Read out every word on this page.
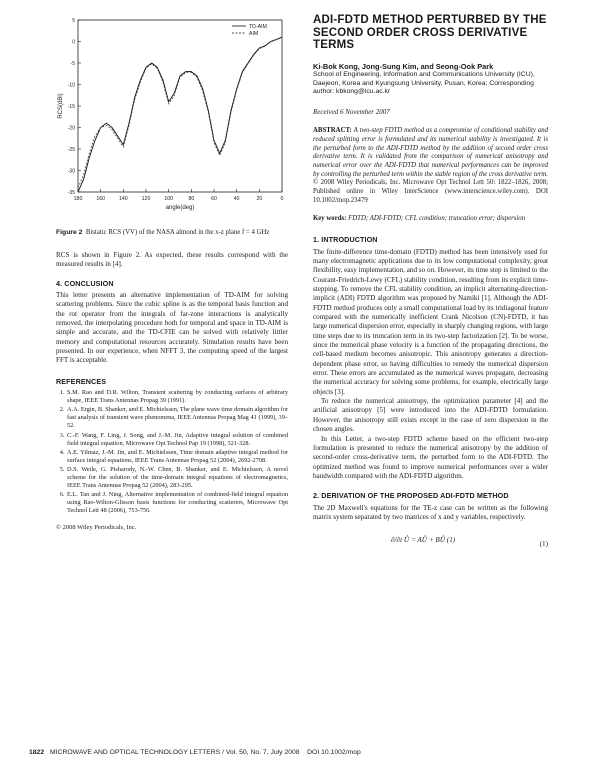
5
0
-5
-10
-15
-20
-25
-30
-35
180	160	140	120	100	80	60	40	20	0
angle(deg)
RCS(dBi)
TD-AIM
AIM

Figure 2 Bistatic RCS (VV) of the NASA almond in the x-z plane f = 4 GHz

RCS is shown in Figure 2. As expected, these results correspond with the measured results in [4].

4. CONCLUSION

This letter presents an alternative implementation of TD-AIM for solving scattering problems. Since the cubic spline is as the temporal basis function and the rot operator from the integrals of far-zone interactions is analytically removed, the interpolating procedure both for temporal and space in TD-AIM is simple and accurate, and the TD-CFIE can be solved with relatively littler memory and computational resources accurately. Simulation results have been presented. In our experience, when NFFT 3, the computing speed of the largest FFT is acceptable.

REFERENCES
1. S.M. Rao and D.R. Wilton, Transient scattering by conducting surfaces of arbitrary shape, IEEE Trans Antennas Propag 39 (1991).
2. A.A. Ergin, B. Shanker, and E. Michielssen, The plane wave time domain algorithm for fast analysis of transient wave phenomena, IEEE Antennas Propag Mag 41 (1999), 39–52.
3. C.-F. Wang, F. Ling, J. Song, and J.-M. Jin, Adaptive integral solution of combined field integral equation, Microwave Opt Technol Pap 19 (1998), 321-328.
4. A.E. Yilmaz, J.-M. Jin, and E. Michielssen, Time domain adaptive integral method for surface integral equations, IEEE Trans Antennas Propag 52 (2004), 2692-2708.
5. D.S. Weile, G. Pisharody, N.-W. Chen, B. Shanker, and E. Michielssen, A novel scheme for the solution of the time-domain integral equations of electromagnetics, IEEE Trans Antennas Propag 52 (2004), 283-295.
6. E.L. Tan and J. Ning, Alternative implementation of combined-field integral equation using Rao-Wilton-Glisson basis functions for conducting scatterers, Microwave Opt Technol Lett 48 (2006), 753-756.

© 2008 Wiley Periodicals, Inc.

ADI-FDTD METHOD PERTURBED BY THE SECOND ORDER CROSS DERIVATIVE TERMS
Ki-Bok Kong, Jong-Sung Kim, and Seong-Ook Park
School of Engineering, Information and Communications University (ICU), Daejeon, Korea and Kyungsung University, Pusan, Korea; Corresponding author: kbkong@icu.ac.kr
Received 6 November 2007
ABSTRACT: A two-step FDTD method as a compromise of conditional stability and reduced splitting error is formulated and its numerical stability is investigated. It is the perturbed form to the ADI-FDTD method by the addition of second order cross derivative term. It is validated from the comparison of numerical anisotropy and numerical error over the ADI-FDTD that numerical performances can be improved by controlling the perturbed term within the stable region of the cross derivative term. © 2008 Wiley Periodicals, Inc. Microwave Opt Technol Lett 50: 1822–1826, 2008; Published online in Wiley InterScience (www.interscience.wiley.com). DOI 10.1002/mop.23479
Key words: FDTD; ADI-FDTD; CFL condition; truncation error; dispersion
1. INTRODUCTION

The finite-difference time-domain (FDTD) method has been intensively used for many electromagnetic applications due to its low computational complexity, great flexibility, easy implementation, and so on. However, its time step is limited to the Courant-Friedrich-Lewy (CFL) stability condition, resulting from its explicit time-stepping. To remove the CFL stability condition, an implicit alternating-direction-implicit (ADI) FDTD algorithm was proposed by Namiki [1]. Although the ADI-FDTD method produces only a small computational load by its tridiagonal feature compared with the numerically inefficient Crank Nicolson (CN)-FDTD, it has large numerical dispersion error, especially in sharply changing regions, with large time steps due to its truncation term in its two-step factorization [2]. To be worse, since the numerical phase velocity is a function of the propagating directions, the cell-based medium becomes anisotropic. This anisotropy generates a direction-dependent phase error, so having difficulties to remedy the numerical dispersion error. These errors are accumulated as the numerical waves propagate, decreasing the numerical accuracy for solving some problems, for example, electrically large objects [3].

To reduce the numerical anisotropy, the optimization parameter [4] and the artificial anisotropy [5] were introduced into the ADI-FDTD formulation. However, the anisotropy still exists except in the case of zero dispersion in the chosen angles.

In this Letter, a two-step FDTD scheme based on the efficient two-step formulation is presented to reduce the numerical anisotropy by the addition of second-order cross-derivative term, the perturbed form to the ADI-FDTD. The optimized method was found to improve numerical performances over a wider bandwidth compared with the ADI-FDTD algorithm.

2. DERIVATION OF THE PROPOSED ADI-FDTD METHOD

The 2D Maxwell's equations for the TE-z case can be written as the following matrix system separated by two matrices of x and y variables, respectively.

∂/∂t Û = AÛ + BÛ (1)	(1)
1822 MICROWAVE AND OPTICAL TECHNOLOGY LETTERS / Vol. 50, No. 7, July 2008 DOI 10.1002/mop
